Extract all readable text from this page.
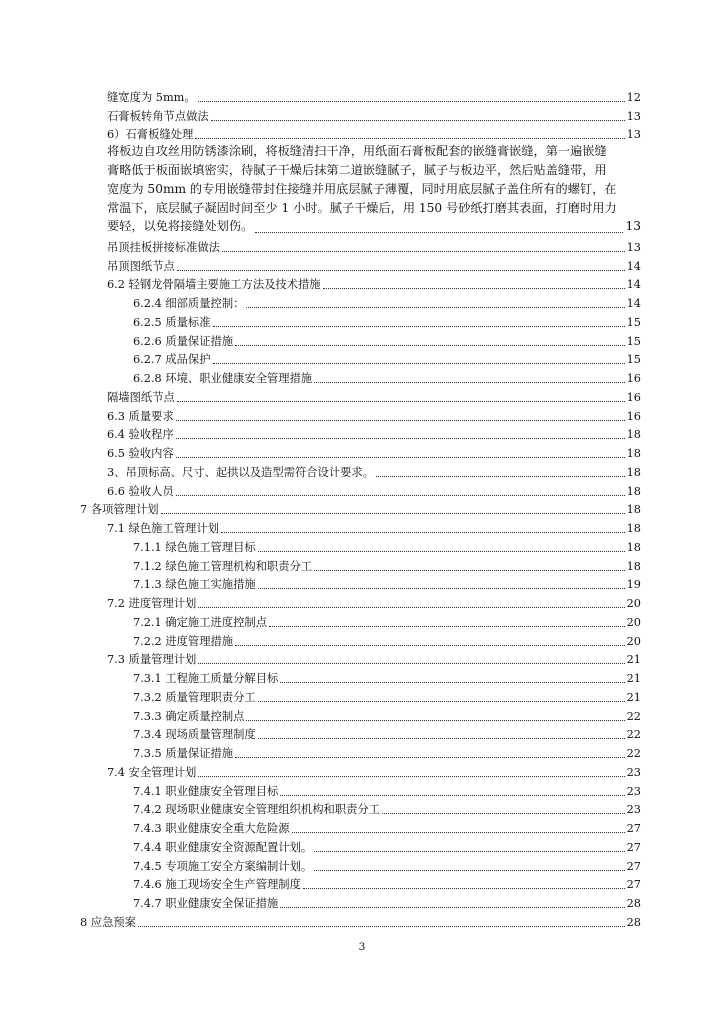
缝宽度为 5mm。	12
石膏板转角节点做法	13
6）石膏板缝处理	13
将板边自攻丝用防锈漆涂刷，将板缝清扫干净，用纸面石膏板配套的嵌缝膏嵌缝，第一遍嵌缝
膏略低于板面嵌填密实，待腻子干燥后抹第二道嵌缝腻子，腻子与板边平，然后贴盖缝带，用
宽度为 50mm 的专用嵌缝带封住接缝并用底层腻子薄覆，同时用底层腻子盖住所有的螺钉，在
常温下，底层腻子凝固时间至少 1 小时。腻子干燥后，用 150 号砂纸打磨其表面，打磨时用力
要轻，以免将接缝处划伤。	13
吊顶挂板拼接标准做法	13
吊顶图纸节点	14
6.2 轻钢龙骨隔墙主要施工方法及技术措施	14
6.2.4 细部质量控制：	14
6.2.5 质量标准	15
6.2.6 质量保证措施	15
6.2.7 成品保护	15
6.2.8 环境、职业健康安全管理措施	16
隔墙图纸节点	16
6.3 质量要求	16
6.4 验收程序	18
6.5 验收内容	18
3、吊顶标高、尺寸、起拱以及造型需符合设计要求。	18
6.6 验收人员	18
7 各项管理计划	18
7.1 绿色施工管理计划	18
7.1.1 绿色施工管理目标	18
7.1.2 绿色施工管理机构和职责分工	18
7.1.3 绿色施工实施措施	19
7.2 进度管理计划	20
7.2.1 确定施工进度控制点	20
7.2.2 进度管理措施	20
7.3 质量管理计划	21
7.3.1 工程施工质量分解目标	21
7.3.2 质量管理职责分工	21
7.3.3 确定质量控制点	22
7.3.4 现场质量管理制度	22
7.3.5 质量保证措施	22
7.4 安全管理计划	23
7.4.1 职业健康安全管理目标	23
7.4.2 现场职业健康安全管理组织机构和职责分工	23
7.4.3 职业健康安全重大危险源	27
7.4.4 职业健康安全资源配置计划。	27
7.4.5 专项施工安全方案编制计划。	27
7.4.6 施工现场安全生产管理制度	27
7.4.7 职业健康安全保证措施	28
8 应急预案	28
3
